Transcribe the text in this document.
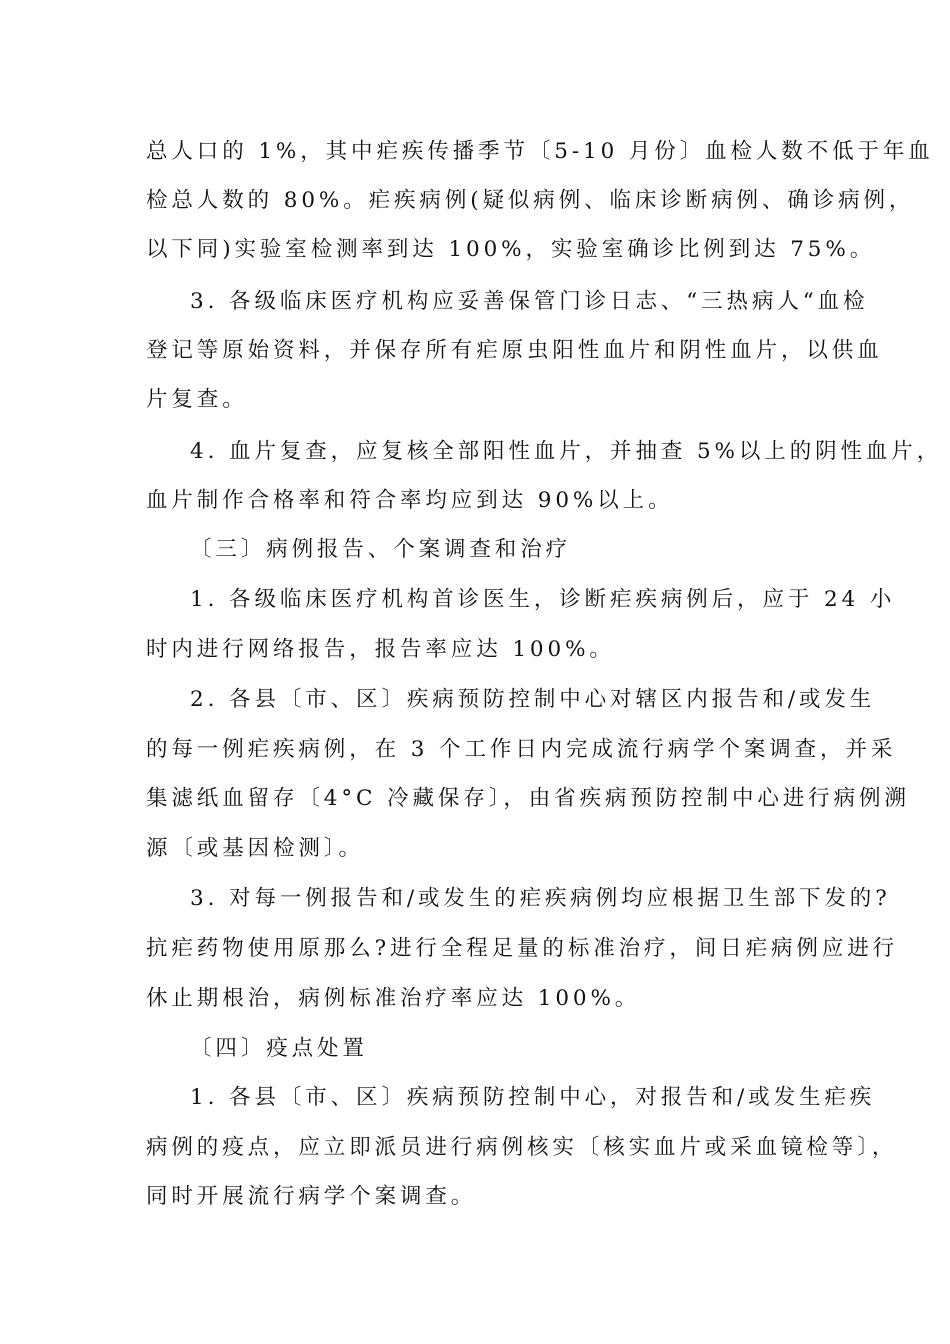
总人口的 1%，其中疟疾传播季节〔5-10 月份〕血检人数不低于年血
检总人数的 80%。疟疾病例(疑似病例、临床诊断病例、确诊病例，
以下同)实验室检测率到达 100%，实验室确诊比例到达 75%。
3. 各级临床医疗机构应妥善保管门诊日志、“三热病人“血检
登记等原始资料，并保存所有疟原虫阳性血片和阴性血片，以供血
片复查。
4. 血片复查，应复核全部阳性血片，并抽查 5%以上的阴性血片，
血片制作合格率和符合率均应到达 90%以上。
〔三〕病例报告、个案调查和治疗
1. 各级临床医疗机构首诊医生，诊断疟疾病例后，应于 24 小
时内进行网络报告，报告率应达 100%。
2. 各县〔市、区〕疾病预防控制中心对辖区内报告和/或发生
的每一例疟疾病例，在 3 个工作日内完成流行病学个案调查，并采
集滤纸血留存〔4°C 冷藏保存〕，由省疾病预防控制中心进行病例溯
源〔或基因检测〕。
3. 对每一例报告和/或发生的疟疾病例均应根据卫生部下发的?
抗疟药物使用原那么?进行全程足量的标准治疗，间日疟病例应进行
休止期根治，病例标准治疗率应达 100%。
〔四〕疫点处置
1. 各县〔市、区〕疾病预防控制中心，对报告和/或发生疟疾
病例的疫点，应立即派员进行病例核实〔核实血片或采血镜检等〕，
同时开展流行病学个案调查。
